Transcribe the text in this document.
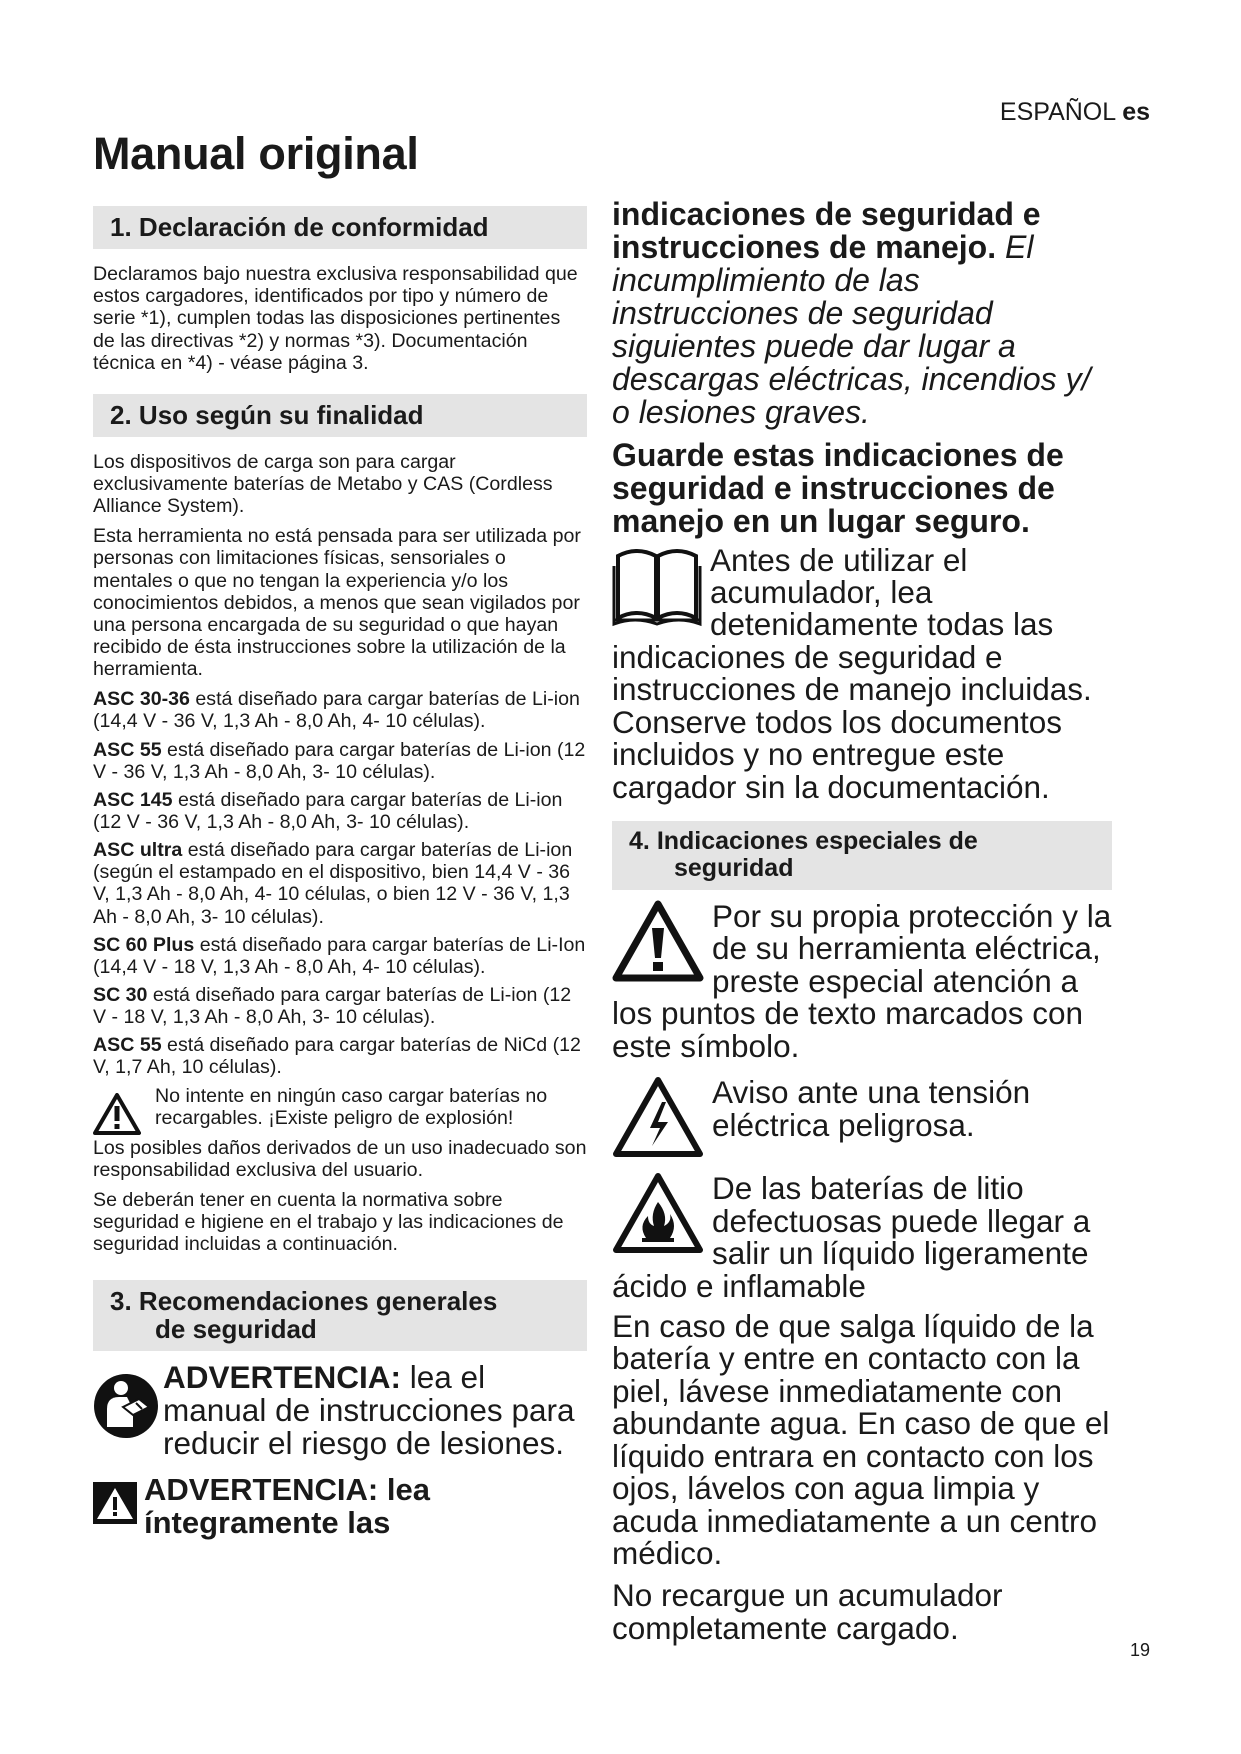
ESPAÑOL es
Manual original
1. Declaración de conformidad

Declaramos bajo nuestra exclusiva responsabilidad que estos cargadores, identificados por tipo y número de serie *1), cumplen todas las disposiciones pertinentes de las directivas *2) y normas *3). Documentación técnica en *4) - véase página 3.

2. Uso según su finalidad

Los dispositivos de carga son para cargar exclusivamente baterías de Metabo y CAS (Cordless Alliance System).

Esta herramienta no está pensada para ser utilizada por personas con limitaciones físicas, sensoriales o mentales o que no tengan la experiencia y/o los conocimientos debidos, a menos que sean vigilados por una persona encargada de su seguridad o que hayan recibido de ésta instrucciones sobre la utilización de la herramienta.

ASC 30-36 está diseñado para cargar baterías de Li-ion (14,4 V - 36 V, 1,3 Ah - 8,0 Ah, 4- 10 células).

ASC 55 está diseñado para cargar baterías de Li-ion (12 V - 36 V, 1,3 Ah - 8,0 Ah, 3- 10 células).

ASC 145 está diseñado para cargar baterías de Li-ion (12 V - 36 V, 1,3 Ah - 8,0 Ah, 3- 10 células).

ASC ultra está diseñado para cargar baterías de Li-ion (según el estampado en el dispositivo, bien 14,4 V - 36 V, 1,3 Ah - 8,0 Ah, 4- 10 células, o bien 12 V - 36 V, 1,3 Ah - 8,0 Ah, 3- 10 células).

SC 60 Plus está diseñado para cargar baterías de Li-Ion (14,4 V - 18 V, 1,3 Ah - 8,0 Ah, 4- 10 células).

SC 30 está diseñado para cargar baterías de Li-ion (12 V - 18 V, 1,3 Ah - 8,0 Ah, 3- 10 células).

ASC 55 está diseñado para cargar baterías de NiCd (12 V, 1,7 Ah, 10 células).

No intente en ningún caso cargar baterías no recargables. ¡Existe peligro de explosión!

Los posibles daños derivados de un uso inadecuado son responsabilidad exclusiva del usuario.

Se deberán tener en cuenta la normativa sobre seguridad e higiene en el trabajo y las indicaciones de seguridad incluidas a continuación.

3. Recomendaciones generales
de seguridad
ADVERTENCIA: lea el manual de instrucciones para reducir el riesgo de lesiones.
ADVERTENCIA: lea íntegramente las
indicaciones de seguridad e instrucciones de manejo. El incumplimiento de las instrucciones de seguridad siguientes puede dar lugar a descargas eléctricas, incendios y/ o lesiones graves.
Guarde estas indicaciones de seguridad e instrucciones de manejo en un lugar seguro.
Antes de utilizar el acumulador, lea detenidamente todas las indicaciones de seguridad e instrucciones de manejo incluidas. Conserve todos los documentos incluidos y no entregue este cargador sin la documentación.
4. Indicaciones especiales de
seguridad
Por su propia protección y la de su herramienta eléctrica, preste especial atención a los puntos de texto marcados con este símbolo.
Aviso ante una tensión eléctrica peligrosa.
De las baterías de litio defectuosas puede llegar a salir un líquido ligeramente ácido e inflamable
En caso de que salga líquido de la batería y entre en contacto con la piel, lávese inmediatamente con abundante agua. En caso de que el líquido entrara en contacto con los ojos, lávelos con agua limpia y acuda inmediatamente a un centro médico.
No recargue un acumulador completamente cargado.
19
